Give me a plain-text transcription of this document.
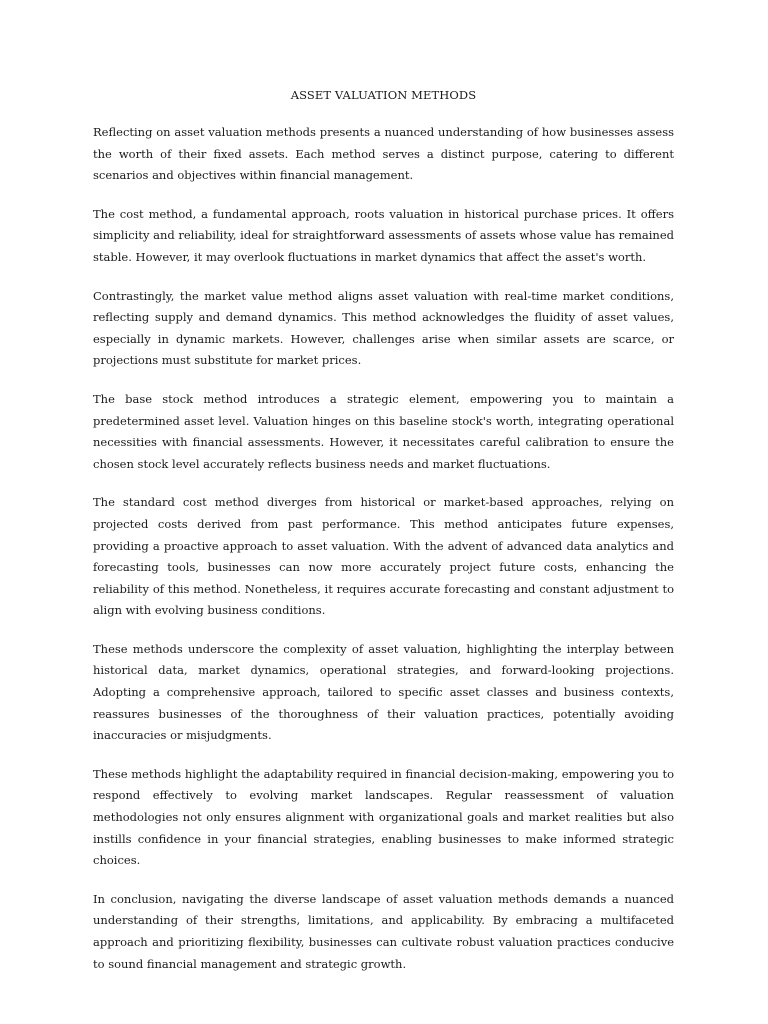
ASSET VALUATION METHODS

Reflecting on asset valuation methods presents a nuanced understanding of how businesses assess the worth of their fixed assets. Each method serves a distinct purpose, catering to different scenarios and objectives within financial management.

The cost method, a fundamental approach, roots valuation in historical purchase prices. It offers simplicity and reliability, ideal for straightforward assessments of assets whose value has remained stable. However, it may overlook fluctuations in market dynamics that affect the asset's worth.

Contrastingly, the market value method aligns asset valuation with real-time market conditions, reflecting supply and demand dynamics. This method acknowledges the fluidity of asset values, especially in dynamic markets. However, challenges arise when similar assets are scarce, or projections must substitute for market prices.

The base stock method introduces a strategic element, empowering you to maintain a predetermined asset level. Valuation hinges on this baseline stock's worth, integrating operational necessities with financial assessments. However, it necessitates careful calibration to ensure the chosen stock level accurately reflects business needs and market fluctuations.

The standard cost method diverges from historical or market-based approaches, relying on projected costs derived from past performance. This method anticipates future expenses, providing a proactive approach to asset valuation. With the advent of advanced data analytics and forecasting tools, businesses can now more accurately project future costs, enhancing the reliability of this method. Nonetheless, it requires accurate forecasting and constant adjustment to align with evolving business conditions.

These methods underscore the complexity of asset valuation, highlighting the interplay between historical data, market dynamics, operational strategies, and forward-looking projections. Adopting a comprehensive approach, tailored to specific asset classes and business contexts, reassures businesses of the thoroughness of their valuation practices, potentially avoiding inaccuracies or misjudgments.

These methods highlight the adaptability required in financial decision-making, empowering you to respond effectively to evolving market landscapes. Regular reassessment of valuation methodologies not only ensures alignment with organizational goals and market realities but also instills confidence in your financial strategies, enabling businesses to make informed strategic choices.

In conclusion, navigating the diverse landscape of asset valuation methods demands a nuanced understanding of their strengths, limitations, and applicability. By embracing a multifaceted approach and prioritizing flexibility, businesses can cultivate robust valuation practices conducive to sound financial management and strategic growth.
